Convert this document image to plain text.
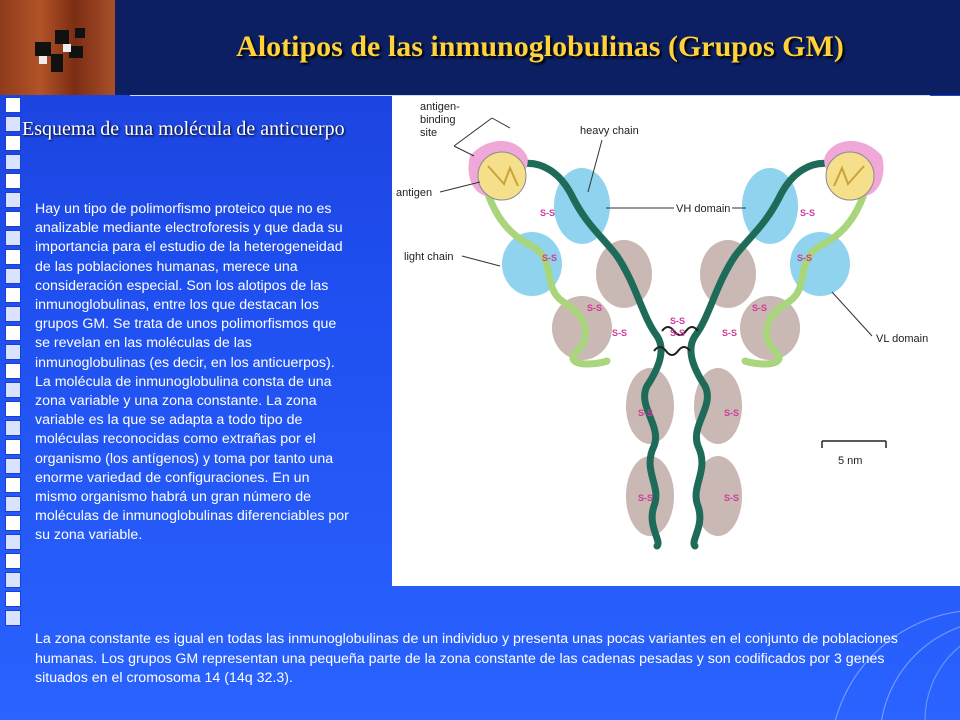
Alotipos de las inmunoglobulinas (Grupos GM)
Esquema de una molécula de anticuerpo

Hay un tipo de polimorfismo proteico que no es analizable mediante electroforesis y que dada su importancia para el estudio de la heterogeneidad de las poblaciones humanas, merece una consideración especial. Son los alotipos de las inmunoglobulinas, entre los que destacan los grupos GM. Se trata de unos polimorfismos que se revelan en las moléculas de las inmunoglobulinas (es decir, en los anticuerpos).

La molécula de inmunoglobulina consta de una zona variable y una zona constante. La zona variable es la que se adapta a todo tipo de moléculas reconocidas como extrañas por el organismo (los antígenos) y toma por tanto una enorme variedad de configuraciones. En un mismo organismo habrá un gran número de moléculas de inmunoglobulinas diferenciables por su zona variable.

S-S	S-S
S-S	S-S
S-S	S-S
S-S	S-S
S-S
S-S
S-S	S-S
S-S	S-S
antigen-
binding
site	heavy chain
antigen
VH domain
light chain
VL domain
5 nm
La zona constante es igual en todas las inmunoglobulinas de un individuo y presenta unas pocas variantes en el conjunto de poblaciones humanas. Los grupos GM representan una pequeña parte de la zona constante de las cadenas pesadas y son codificados por 3 genes situados en el cromosoma 14 (14q 32.3).
